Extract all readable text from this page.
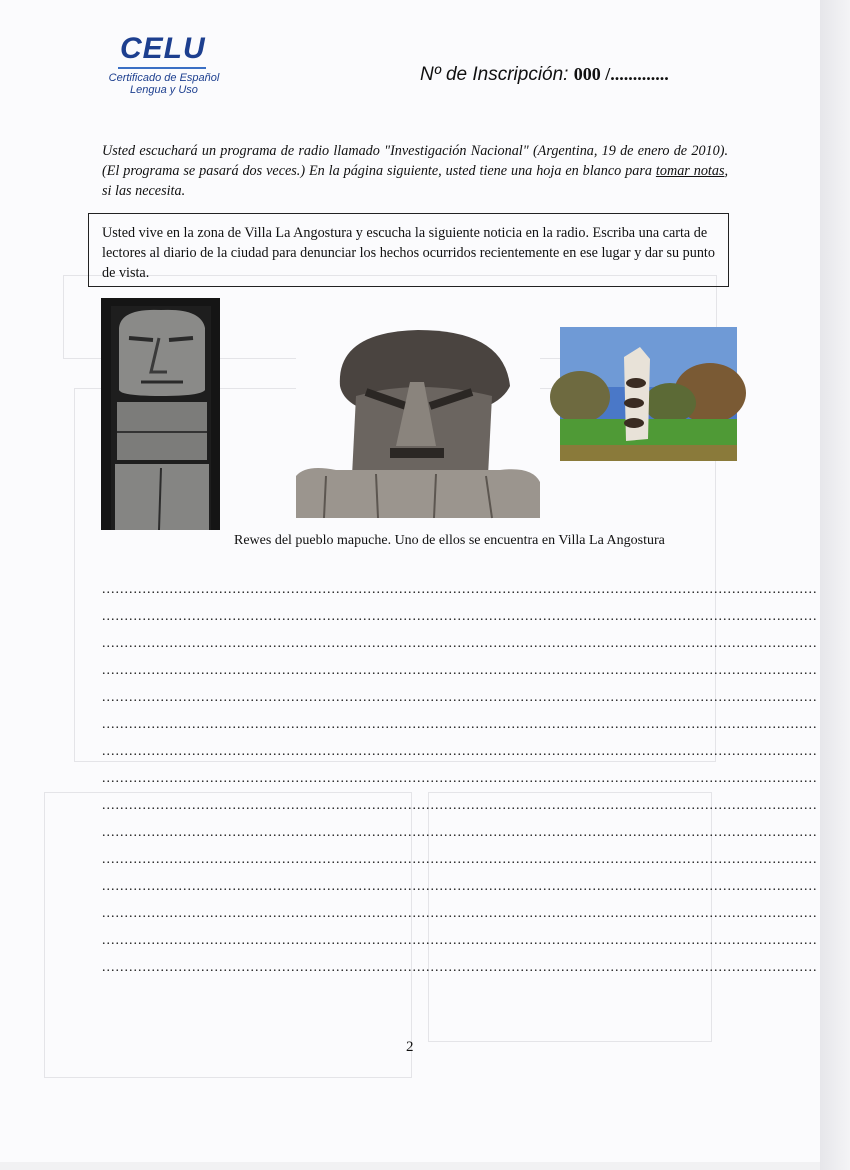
CELU
Certificado de Español
Lengua y Uso
Nº de Inscripción: 000 /.............
Usted escuchará un programa de radio llamado "Investigación Nacional" (Argentina, 19 de enero de 2010). (El programa se pasará dos veces.) En la página siguiente, usted tiene una hoja en blanco para tomar notas, si las necesita.

Usted vive en la zona de Villa La Angostura y escucha la siguiente noticia en la radio. Escriba una carta de lectores al diario de la ciudad para denunciar los hechos ocurridos recientemente en ese lugar y dar su punto de vista.

Rewes del pueblo mapuche. Uno de ellos se encuentra en Villa La Angostura
...............................................................................................................................................................
...............................................................................................................................................................
...............................................................................................................................................................
...............................................................................................................................................................
...............................................................................................................................................................
...............................................................................................................................................................
...............................................................................................................................................................
...............................................................................................................................................................
...............................................................................................................................................................
...............................................................................................................................................................
...............................................................................................................................................................
...............................................................................................................................................................
...............................................................................................................................................................
...............................................................................................................................................................
...............................................................................................................................................................
2
